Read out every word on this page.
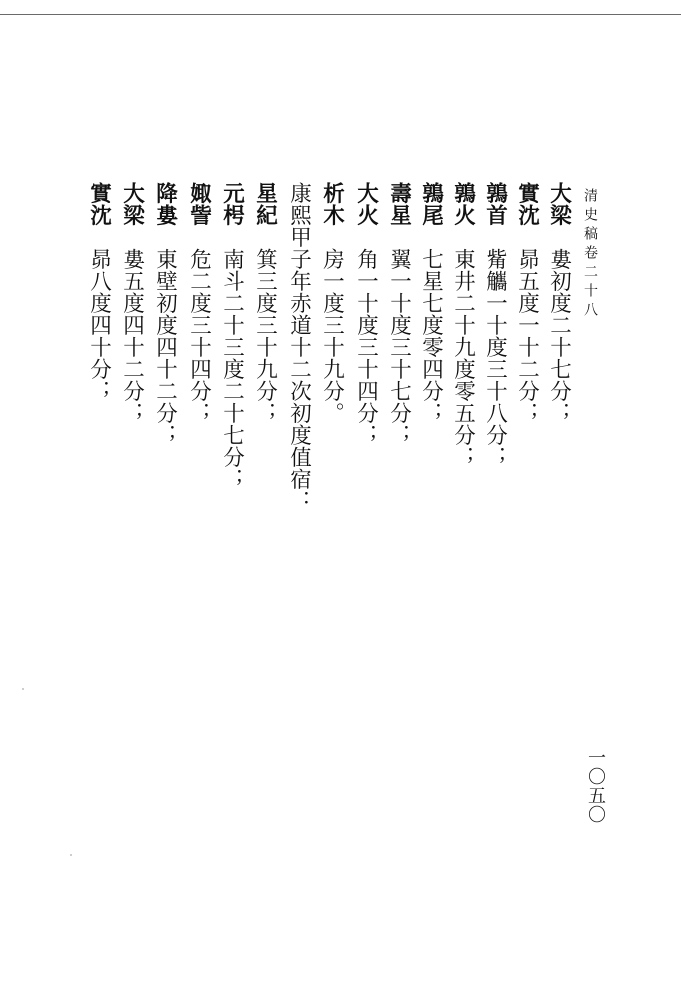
清史稿卷二十八
大梁婁初度二十七分；
實沈昴五度一十二分；
鶉首觜觿一十度三十八分；
鶉火東井二十九度零五分；
鶉尾七星七度零四分；
壽星翼一十度三十七分；
大火角一十度三十四分；
析木房一度三十九分。
康熙甲子年赤道十二次初度值宿：
星紀箕三度三十九分；
元枵南斗二十三度二十七分；
娵訾危二度三十四分；
降婁東壁初度四十二分；
大梁婁五度四十二分；
實沈昴八度四十分；
一〇五〇
